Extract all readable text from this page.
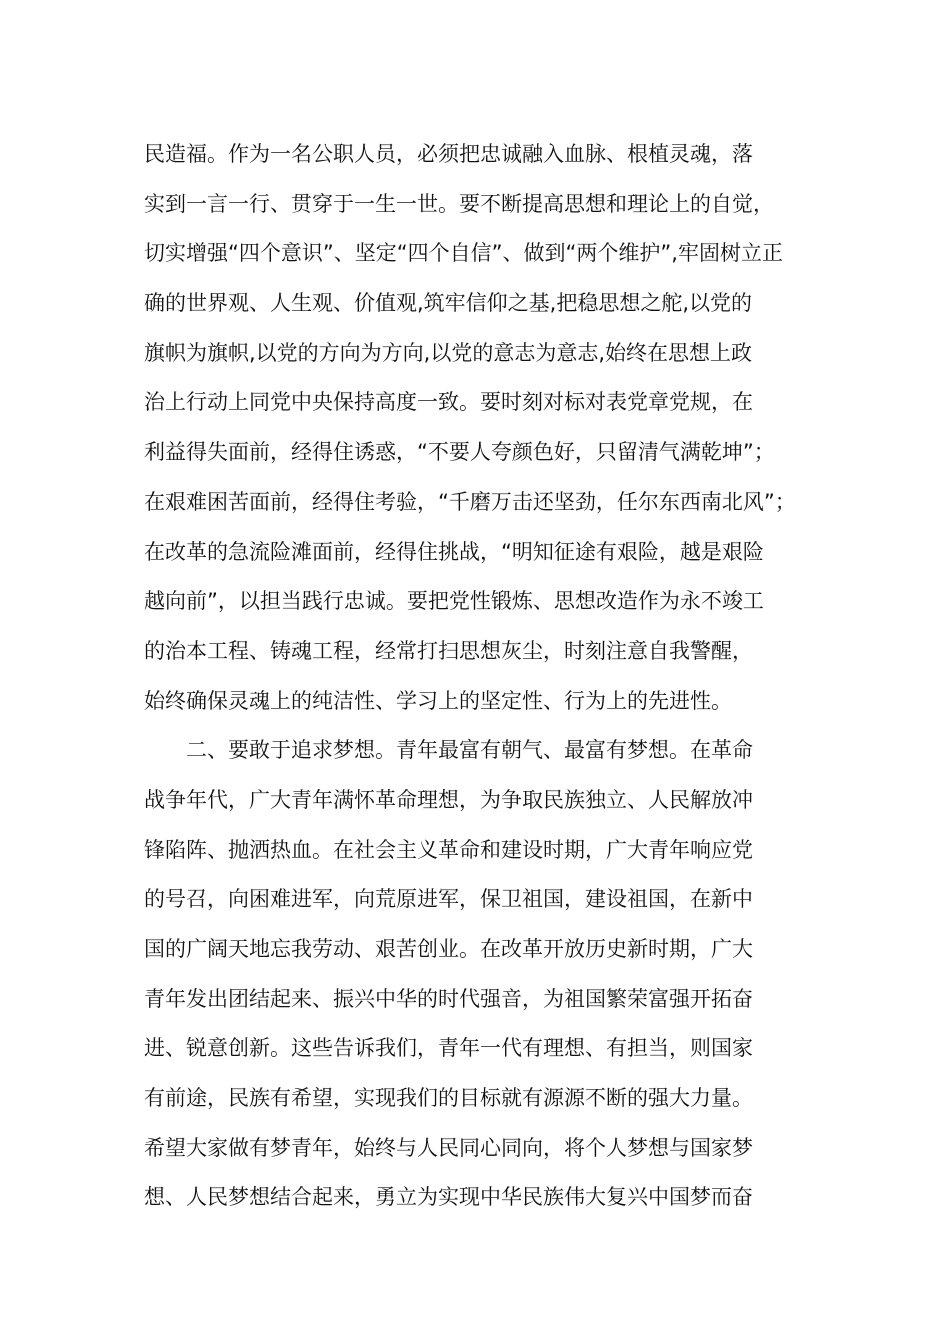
民造福。作为一名公职人员，必须把忠诚融入血脉、根植灵魂，落
实到一言一行、贯穿于一生一世。要不断提高思想和理论上的自觉，
切实增强“四个意识”、坚定“四个自信”、做到“两个维护”,牢固树立正
确的世界观、人生观、价值观,筑牢信仰之基,把稳思想之舵,以党的
旗帜为旗帜,以党的方向为方向,以党的意志为意志,始终在思想上政
治上行动上同党中央保持高度一致。要时刻对标对表党章党规，在
利益得失面前，经得住诱惑，“不要人夸颜色好，只留清气满乾坤”；
在艰难困苦面前，经得住考验，“千磨万击还坚劲，任尔东西南北风”；
在改革的急流险滩面前，经得住挑战，“明知征途有艰险，越是艰险
越向前”，以担当践行忠诚。要把党性锻炼、思想改造作为永不竣工
的治本工程、铸魂工程，经常打扫思想灰尘，时刻注意自我警醒，
始终确保灵魂上的纯洁性、学习上的坚定性、行为上的先进性。
　　二、要敢于追求梦想。青年最富有朝气、最富有梦想。在革命
战争年代，广大青年满怀革命理想，为争取民族独立、人民解放冲
锋陷阵、抛洒热血。在社会主义革命和建设时期，广大青年响应党
的号召，向困难进军，向荒原进军，保卫祖国，建设祖国，在新中
国的广阔天地忘我劳动、艰苦创业。在改革开放历史新时期，广大
青年发出团结起来、振兴中华的时代强音，为祖国繁荣富强开拓奋
进、锐意创新。这些告诉我们，青年一代有理想、有担当，则国家
有前途，民族有希望，实现我们的目标就有源源不断的强大力量。
希望大家做有梦青年，始终与人民同心同向，将个人梦想与国家梦
想、人民梦想结合起来，勇立为实现中华民族伟大复兴中国梦而奋
